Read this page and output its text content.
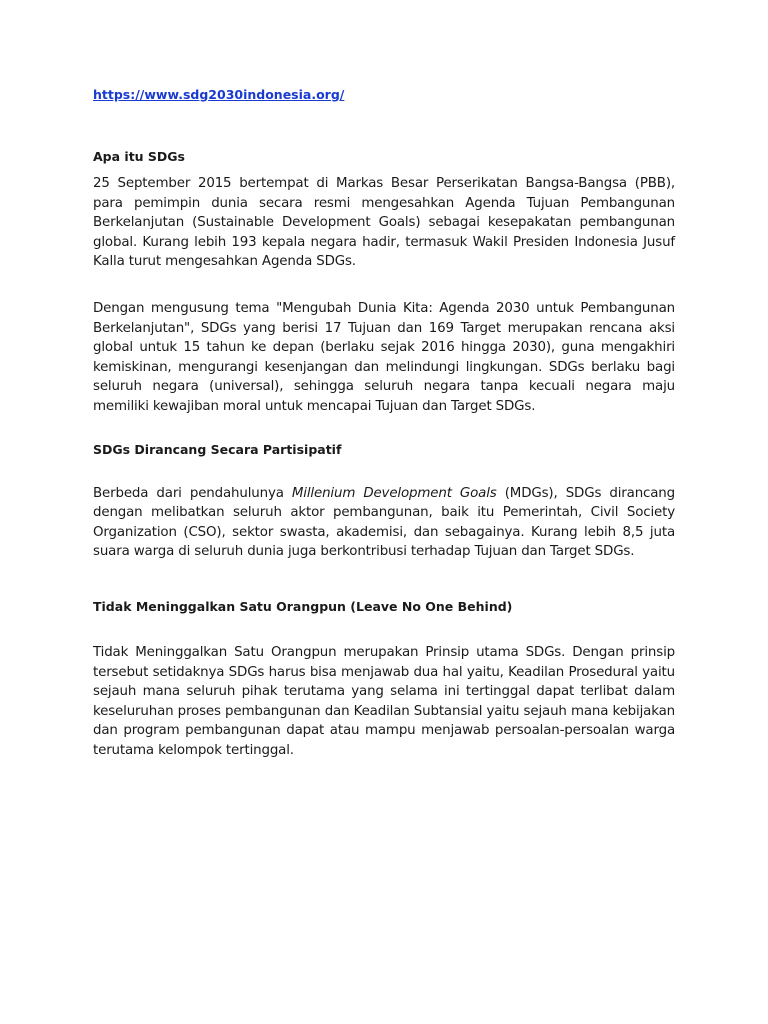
https://www.sdg2030indonesia.org/
Apa itu SDGs

25 September 2015 bertempat di Markas Besar Perserikatan Bangsa-Bangsa (PBB), para pemimpin dunia secara resmi mengesahkan Agenda Tujuan Pembangunan Berkelanjutan (Sustainable Development Goals) sebagai kesepakatan pembangunan global. Kurang lebih 193 kepala negara hadir, termasuk Wakil Presiden Indonesia Jusuf Kalla turut mengesahkan Agenda SDGs.

Dengan mengusung tema "Mengubah Dunia Kita: Agenda 2030 untuk Pembangunan Berkelanjutan", SDGs yang berisi 17 Tujuan dan 169 Target merupakan rencana aksi global untuk 15 tahun ke depan (berlaku sejak 2016 hingga 2030), guna mengakhiri kemiskinan, mengurangi kesenjangan dan melindungi lingkungan. SDGs berlaku bagi seluruh negara (universal), sehingga seluruh negara tanpa kecuali negara maju memiliki kewajiban moral untuk mencapai Tujuan dan Target SDGs.

SDGs Dirancang Secara Partisipatif

Berbeda dari pendahulunya Millenium Development Goals (MDGs), SDGs dirancang dengan melibatkan seluruh aktor pembangunan, baik itu Pemerintah, Civil Society Organization (CSO), sektor swasta, akademisi, dan sebagainya. Kurang lebih 8,5 juta suara warga di seluruh dunia juga berkontribusi terhadap Tujuan dan Target SDGs.

Tidak Meninggalkan Satu Orangpun (Leave No One Behind)

Tidak Meninggalkan Satu Orangpun merupakan Prinsip utama SDGs. Dengan prinsip tersebut setidaknya SDGs harus bisa menjawab dua hal yaitu, Keadilan Prosedural yaitu sejauh mana seluruh pihak terutama yang selama ini tertinggal dapat terlibat dalam keseluruhan proses pembangunan dan Keadilan Subtansial yaitu sejauh mana kebijakan dan program pembangunan dapat atau mampu menjawab persoalan-persoalan warga terutama kelompok tertinggal.
